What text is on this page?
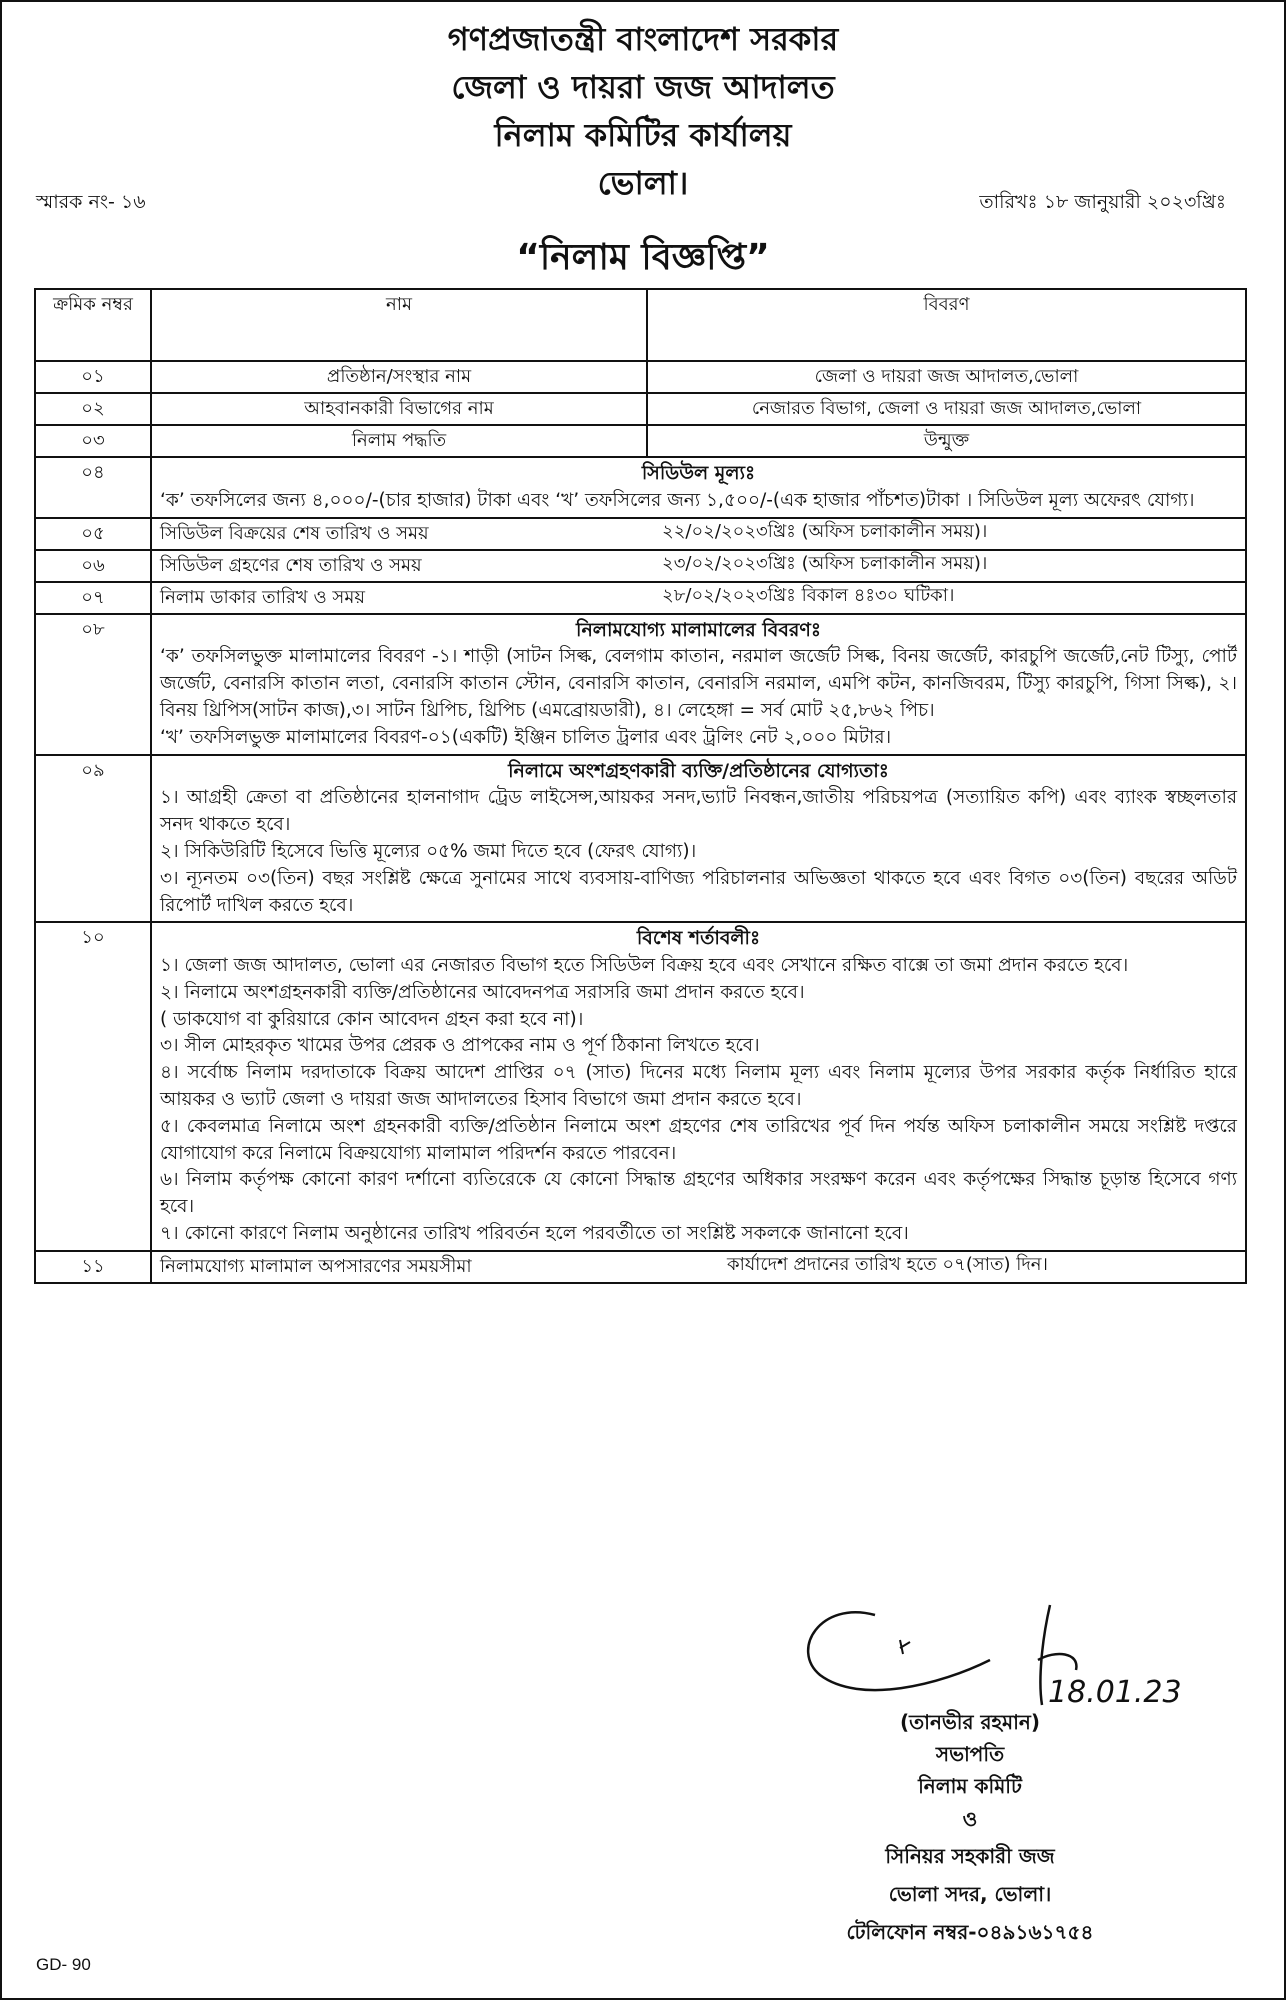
গণপ্রজাতন্ত্রী বাংলাদেশ সরকার
জেলা ও দায়রা জজ আদালত
নিলাম কমিটির কার্যালয়
ভোলা।
স্মারক নং- ১৬	তারিখঃ ১৮ জানুয়ারী ২০২৩খ্রিঃ
“নিলাম বিজ্ঞপ্তি”
ক্রমিক নম্বর	নাম	বিবরণ
০১	প্রতিষ্ঠান/সংস্থার নাম	জেলা ও দায়রা জজ আদালত,ভোলা
০২	আহবানকারী বিভাগের নাম	নেজারত বিভাগ, জেলা ও দায়রা জজ আদালত,ভোলা
০৩	নিলাম পদ্ধতি	উন্মুক্ত
০৪	সিডিউল মূল্যঃ
‘ক’ তফসিলের জন্য ৪,০০০/-(চার হাজার) টাকা এবং ‘খ’ তফসিলের জন্য ১,৫০০/-(এক হাজার পাঁচশত)টাকা । সিডিউল মূল্য অফেরৎ যোগ্য।

০৫		সিডিউল বিক্রয়ের শেষ তারিখ ও সময়	২২/০২/২০২৩খ্রিঃ (অফিস চলাকালীন সময়)।

০৬		সিডিউল গ্রহণের শেষ তারিখ ও সময়	২৩/০২/২০২৩খ্রিঃ (অফিস চলাকালীন সময়)।

০৭		নিলাম ডাকার তারিখ ও সময়	২৮/০২/২০২৩খ্রিঃ বিকাল ৪ঃ৩০ ঘটিকা।

০৮	নিলামযোগ্য মালামালের বিবরণঃ
‘ক’ তফসিলভুক্ত মালামালের বিবরণ -১। শাড়ী (সাটন সিল্ক, বেলগাম কাতান, নরমাল জর্জেট সিল্ক, বিনয় জর্জেট, কারচুপি জর্জেট,নেট টিস্যু, পোর্ট জর্জেট, বেনারসি কাতান লতা, বেনারসি কাতান স্টোন, বেনারসি কাতান, বেনারসি নরমাল, এমপি কটন, কানজিবরম, টিস্যু কারচুপি, গিসা সিল্ক), ২। বিনয় থ্রিপিস(সাটন কাজ),৩। সাটন থ্রিপিচ, থ্রিপিচ (এমব্রোয়ডারী), ৪। লেহেঙ্গা = সর্ব মোট ২৫,৮৬২ পিচ।
‘খ’ তফসিলভুক্ত মালামালের বিবরণ-০১(একটি) ইঞ্জিন চালিত ট্রলার এবং ট্রলিং নেট ২,০০০ মিটার।

০৯	নিলামে অংশগ্রহণকারী ব্যক্তি/প্রতিষ্ঠানের যোগ্যতাঃ
১। আগ্রহী ক্রেতা বা প্রতিষ্ঠানের হালনাগাদ ট্রেড লাইসেন্স,আয়কর সনদ,ভ্যাট নিবন্ধন,জাতীয় পরিচয়পত্র (সত্যায়িত কপি) এবং ব্যাংক স্বচ্ছলতার সনদ থাকতে হবে।
২। সিকিউরিটি হিসেবে ভিত্তি মূল্যের ০৫% জমা দিতে হবে (ফেরৎ যোগ্য)।
৩। ন্যূনতম ০৩(তিন) বছর সংশ্লিষ্ট ক্ষেত্রে সুনামের সাথে ব্যবসায়-বাণিজ্য পরিচালনার অভিজ্ঞতা থাকতে হবে এবং বিগত ০৩(তিন) বছরের অডিট রিপোর্ট দাখিল করতে হবে।

১০	বিশেষ শর্তাবলীঃ
১। জেলা জজ আদালত, ভোলা এর নেজারত বিভাগ হতে সিডিউল বিক্রয় হবে এবং সেখানে রক্ষিত বাক্সে তা জমা প্রদান করতে হবে।
২। নিলামে অংশগ্রহনকারী ব্যক্তি/প্রতিষ্ঠানের আবেদনপত্র সরাসরি জমা প্রদান করতে হবে।
( ডাকযোগ বা কুরিয়ারে কোন আবেদন গ্রহন করা হবে না)।
৩। সীল মোহরকৃত খামের উপর প্রেরক ও প্রাপকের নাম ও পূর্ণ ঠিকানা লিখতে হবে।
৪। সর্বোচ্চ নিলাম দরদাতাকে বিক্রয় আদেশ প্রাপ্তির ০৭ (সাত) দিনের মধ্যে নিলাম মূল্য এবং নিলাম মূল্যের উপর সরকার কর্তৃক নির্ধারিত হারে আয়কর ও ভ্যাট জেলা ও দায়রা জজ আদালতের হিসাব বিভাগে জমা প্রদান করতে হবে।
৫। কেবলমাত্র নিলামে অংশ গ্রহনকারী ব্যক্তি/প্রতিষ্ঠান নিলামে অংশ গ্রহণের শেষ তারিখের পূর্ব দিন পর্যন্ত অফিস চলাকালীন সময়ে সংশ্লিষ্ট দপ্তরে যোগাযোগ করে নিলামে বিক্রয়যোগ্য মালামাল পরিদর্শন করতে পারবেন।
৬। নিলাম কর্তৃপক্ষ কোনো কারণ দর্শানো ব্যতিরেকে যে কোনো সিদ্ধান্ত গ্রহণের অধিকার সংরক্ষণ করেন এবং কর্তৃপক্ষের সিদ্ধান্ত চূড়ান্ত হিসেবে গণ্য হবে।
৭। কোনো কারণে নিলাম অনুষ্ঠানের তারিখ পরিবর্তন হলে পরবর্তীতে তা সংশ্লিষ্ট সকলকে জানানো হবে।

১১		নিলামযোগ্য মালামাল অপসারণের সময়সীমা	কার্যাদেশ প্রদানের তারিখ হতে ০৭(সাত) দিন।
18.01.23
(তানভীর রহমান)
সভাপতি
নিলাম কমিটি
ও
সিনিয়র সহকারী জজ
ভোলা সদর, ভোলা।
টেলিফোন নম্বর-০৪৯১৬১৭৫৪
GD- 90
